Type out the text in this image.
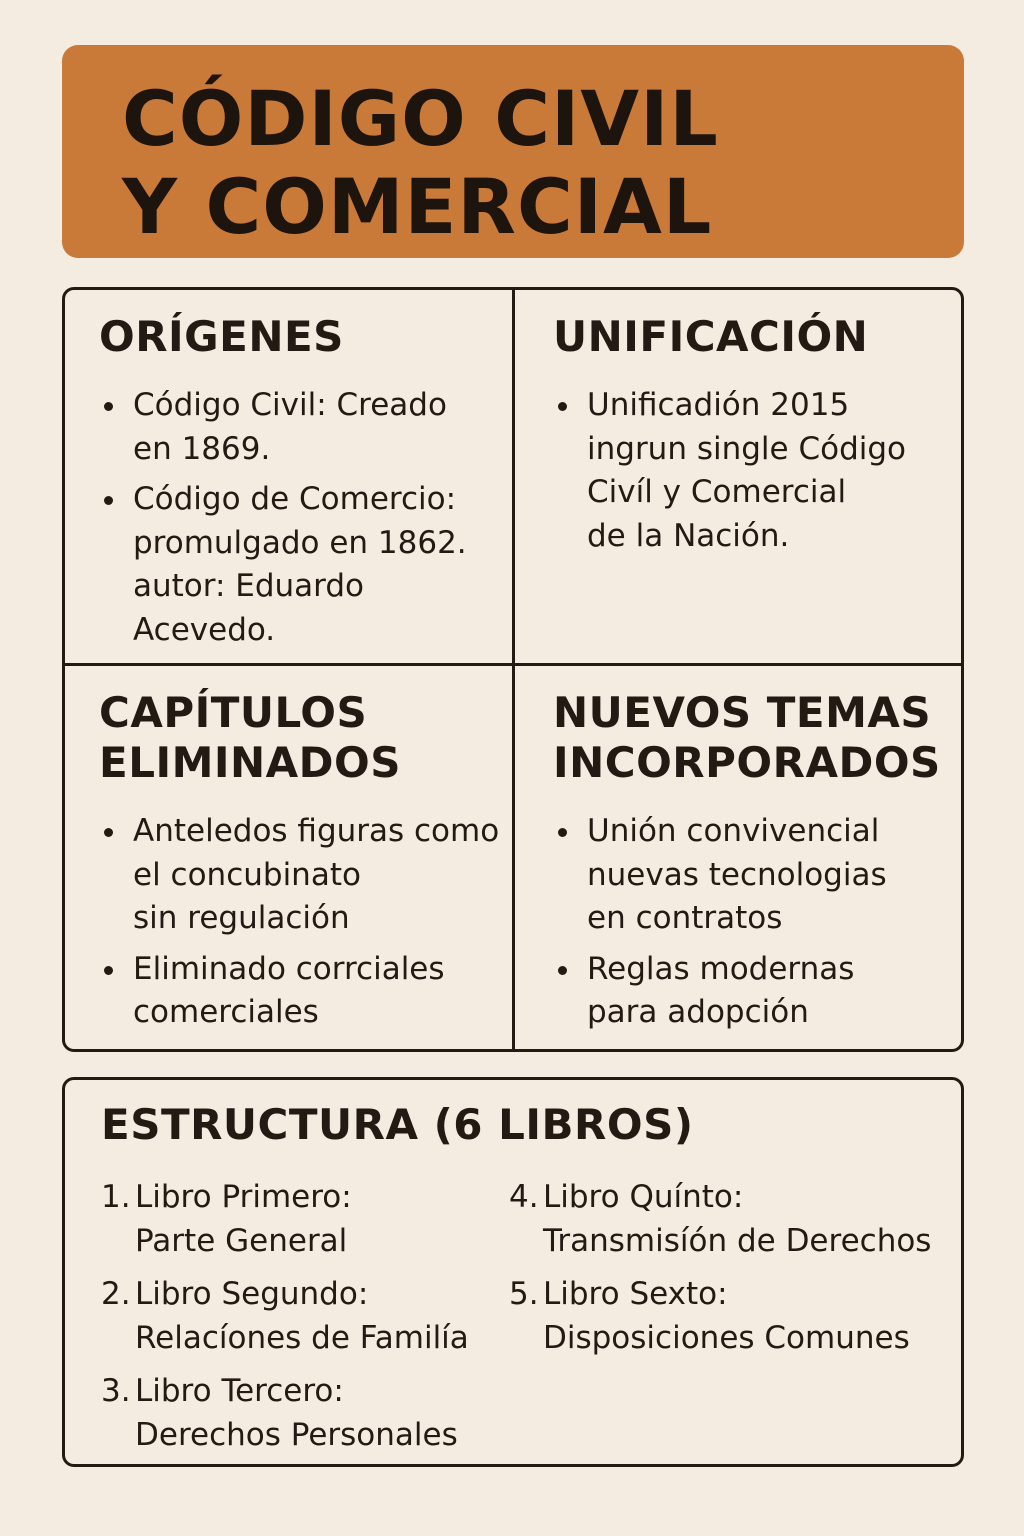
CÓDIGO CIVIL
Y COMERCIAL
ORÍGENES
Código Civil: Creado
en 1869.
Código de Comercio:
promulgado en 1862.
autor: Eduardo
Acevedo.
UNIFICACIÓN
Unificadión 2015
ingrun single Código
Civíl y Comercial
de la Nación.
CAPÍTULOS
ELIMINADOS
Anteledos figuras como
el concubinato
sin regulación
Eliminado corrciales
comerciales
NUEVOS TEMAS
INCORPORADOS
Unión convivencial
nuevas tecnologias
en contratos
Reglas modernas
para adopción
ESTRUCTURA (6 LIBROS)
1. Libro Primero:
Parte General
2. Libro Segundo:
Relacíones de Familía
3. Libro Tercero:
Derechos Personales
4. Libro Quínto:
Transmisíón de Derechos
5. Libro Sexto:
Disposiciones Comunes
